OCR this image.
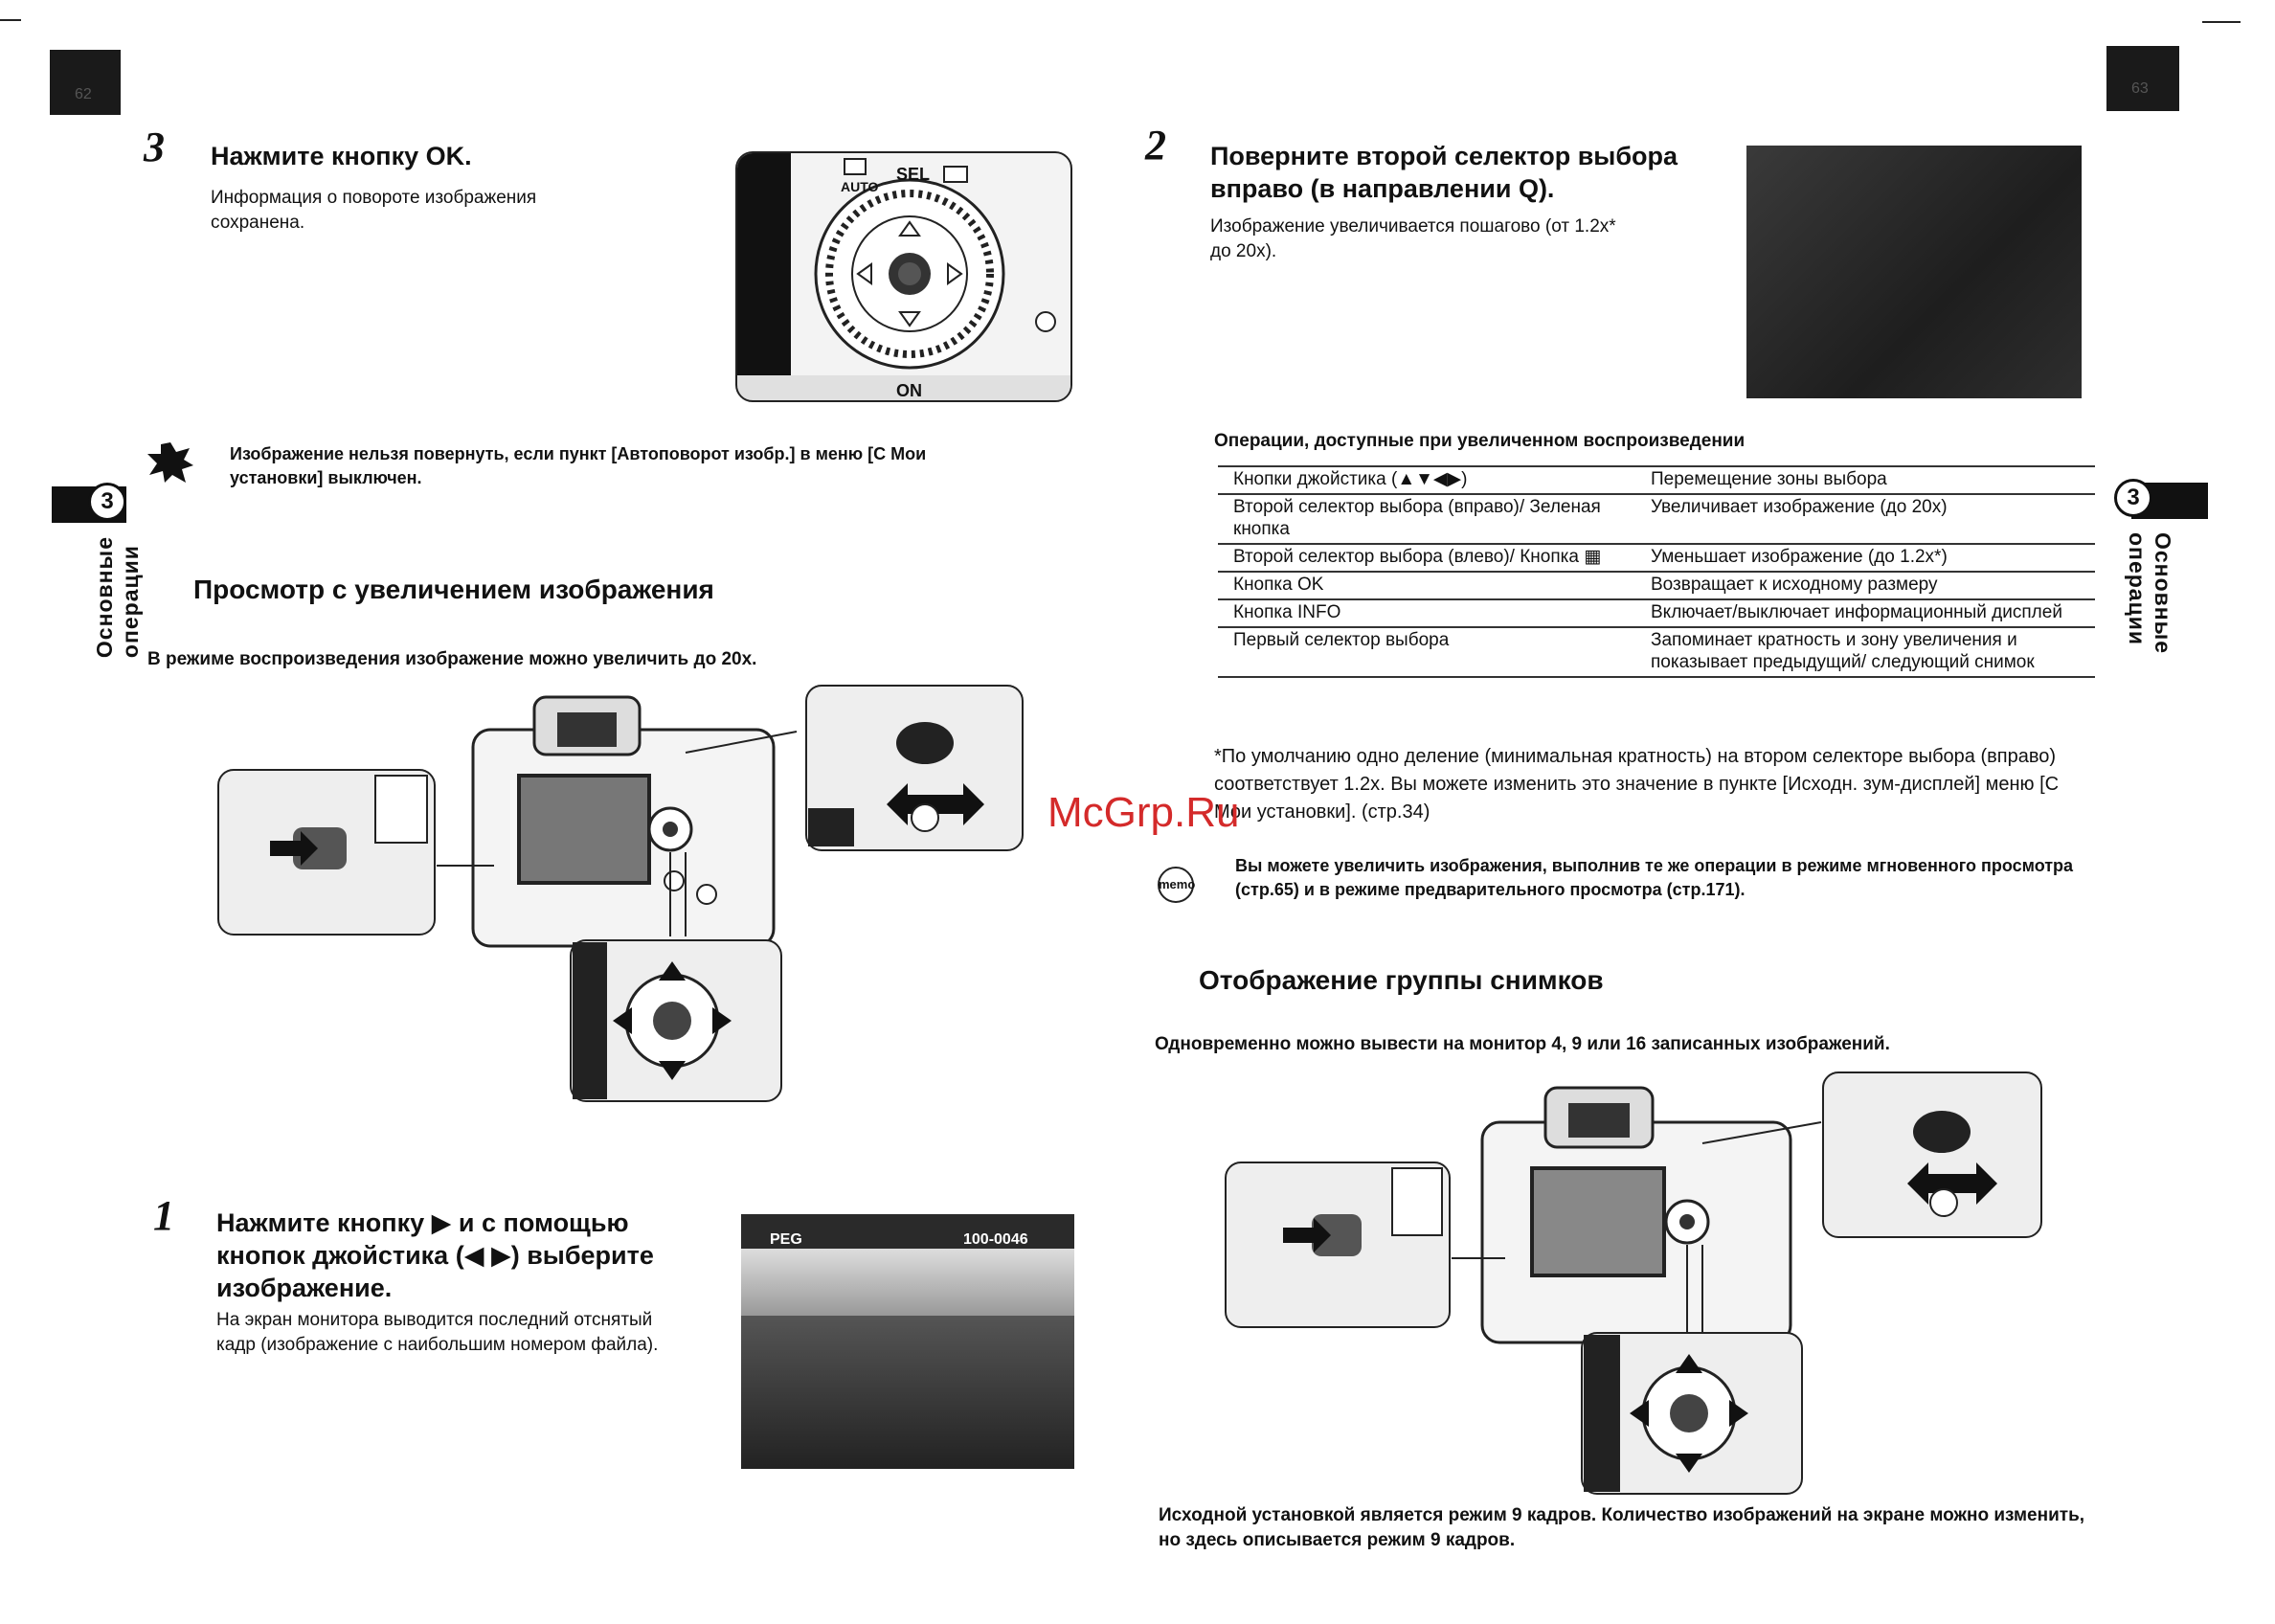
62	63
3
Основные операции
3
Основные операции
3 Нажмите кнопку OK.
Информация о повороте изображения сохранена.
SEL
AUTO
ON
Изображение нельзя повернуть, если пункт [Автоповорот изобр.] в меню [C Мои установки] выключен.
Просмотр с увеличением изображения
В режиме воспроизведения изображение можно увеличить до 20x.
1 Нажмите кнопку ▶ и с помощью кнопок джойстика (◀ ▶) выберите изображение.
На экран монитора выводится последний отснятый кадр (изображение с наибольшим номером файла).
PEG	100-0046
2 Поверните второй селектор выбора вправо (в направлении Q).
Изображение увеличивается пошагово (от 1.2x* до 20x).
Операции, доступные при увеличенном воспроизведении
Кнопки джойстика (▲▼◀▶)	Перемещение зоны выбора
Второй селектор выбора (вправо)/ Зеленая кнопка	Увеличивает изображение (до 20x)
Второй селектор выбора (влево)/ Кнопка ▦	Уменьшает изображение (до 1.2x*)
Кнопка OK	Возвращает к исходному размеру
Кнопка INFO	Включает/выключает информационный дисплей
Первый селектор выбора	Запоминает кратность и зону увеличения и показывает предыдущий/ следующий снимок
*По умолчанию одно деление (минимальная кратность) на втором селекторе выбора (вправо) соответствует 1.2x. Вы можете изменить это значение в пункте [Исходн. зум-дисплей] меню [C Мои установки]. (стр.34)
McGrp.Ru
memo
Вы можете увеличить изображения, выполнив те же операции в режиме мгновенного просмотра (стр.65) и в режиме предварительного просмотра (стр.171).
Отображение группы снимков
Одновременно можно вывести на монитор 4, 9 или 16 записанных изображений.
Исходной установкой является режим 9 кадров. Количество изображений на экране можно изменить, но здесь описывается режим 9 кадров.
